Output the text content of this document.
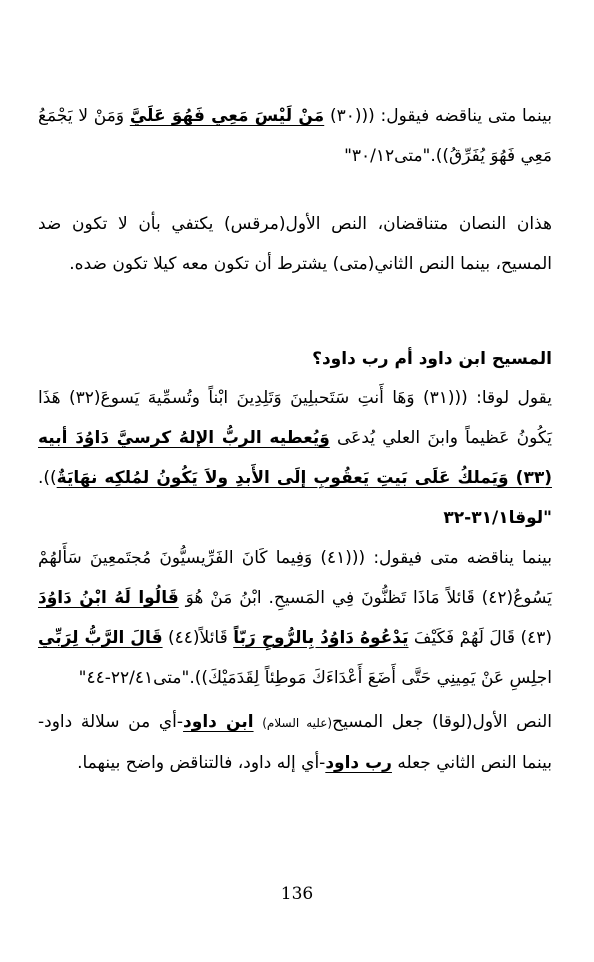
بينما متى يناقضه فيقول: (((٣٠) مَنْ لَيْسَ مَعِي فَهُوَ عَلَيَّ وَمَنْ لا يَجْمَعُ مَعِي فَهُوَ يُفَرِّقُ))."متى٣٠/١٢"

هذان النصان متناقضان، النص الأول(مرقس) يكتفي بأن لا تكون ضد المسيح، بينما النص الثاني(متى) يشترط أن تكون معه كيلا تكون ضده.

المسيح ابن داود أم رب داود؟

يقول لوقا: (((٣١) وَهَا أَنتِ سَتَحبلِينَ وَتَلِدِينَ ابْناً وتُسمِّيهَ يَسوعَ(٣٢) هَذَا يَكُونُ عَظيماً وابنَ العلي يُدعَى وَيُعطيه الربُّ الإلهُ كرسيَّ دَاوُدَ أبيه (٣٣) وَيَملكُ عَلَى بَيتِ يَعقُوبِ إلَى الأَبدِ ولاَ يَكُونُ لمُلكِه نهَايَةٌ)). "لوقا٣١/١-٣٢

بينما يناقضه متى فيقول: (((٤١) وَفِيما كَانَ الفَرِّيسيُّونَ مُجتَمعِينَ سَأَلهُمْ يَسُوعُ(٤٢) قَائلاً مَاذَا تَظنُّونَ فِي المَسيحِ. ابْنُ مَنْ هُوَ قَالُوا لَهُ ابْنُ دَاوُدَ (٤٣) قَالَ لَهُمْ فَكَيْفَ يَدْعُوهُ دَاوُدُ بِالرُّوحِ رَبّاً قَائلاً(٤٤) قَالَ الرَّبُّ لِرَبِّي اجلِسِ عَنْ يَمِينِي حَتَّى أَضَعَ أَعْدَاءَكَ مَوطِئاً لِقَدَمَيْكَ))."متى٢٢/٤١-٤٤"

النص الأول(لوقا) جعل المسيح(عليه السلام) ابن داود-أي من سلالة داود-بينما النص الثاني جعله رب داود-أي إله داود، فالتناقض واضح بينهما.

136
